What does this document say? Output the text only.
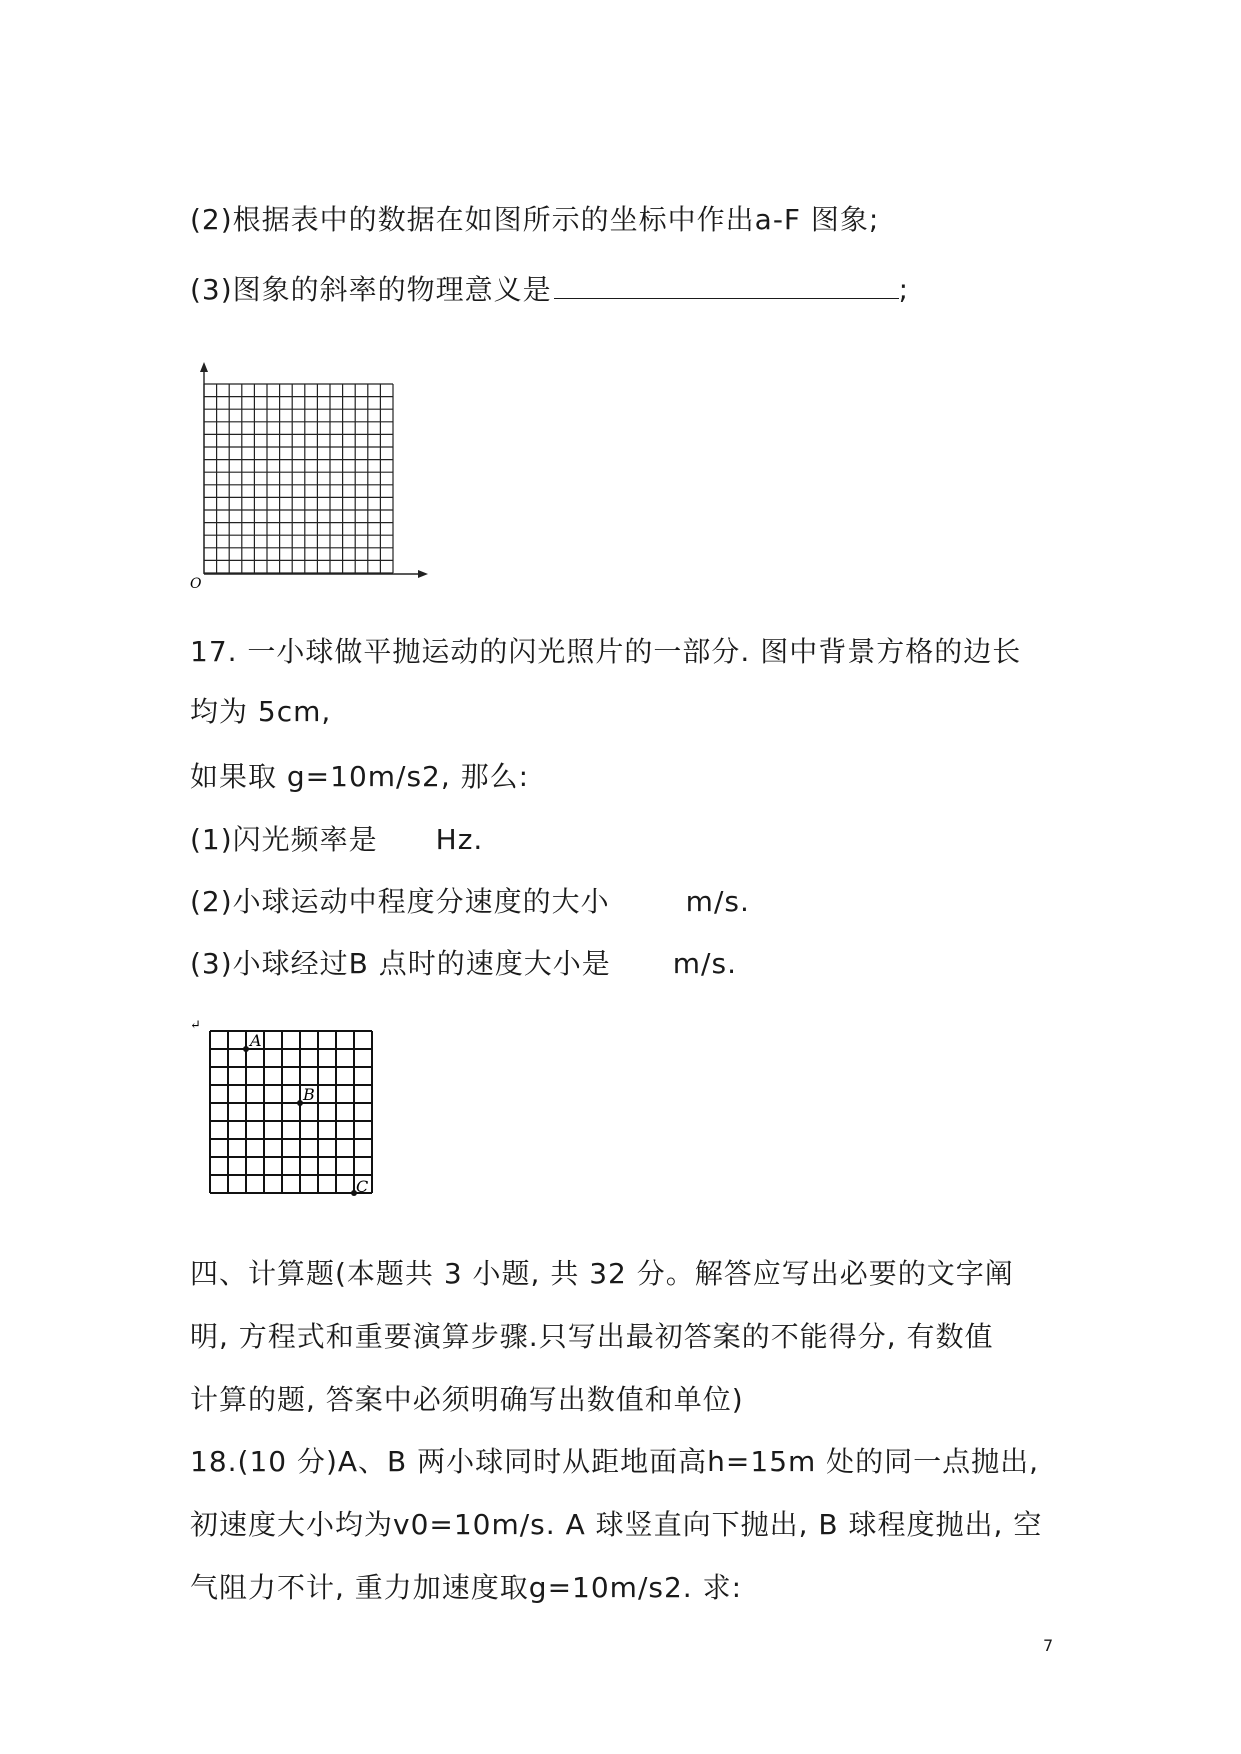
(2)根据表中的数据在如图所示的坐标中作出a-F 图象;
(3)图象的斜率的物理意义是	;
O
17. 一小球做平抛运动的闪光照片的一部分. 图中背景方格的边长
均为 5cm,
如果取 g=10m/s2, 那么:
(1)闪光频率是 Hz.
(2)小球运动中程度分速度的大小	m/s.
(3)小球经过B 点时的速度大小是 m/s.
↵
A
B
C
四、计算题(本题共 3 小题, 共 32 分。解答应写出必要的文字阐
明, 方程式和重要演算步骤.只写出最初答案的不能得分, 有数值
计算的题, 答案中必须明确写出数值和单位)
18.(10 分)A、B 两小球同时从距地面高h=15m 处的同一点抛出,
初速度大小均为v0=10m/s. A 球竖直向下抛出, B 球程度抛出, 空
气阻力不计, 重力加速度取g=10m/s2. 求:
7
